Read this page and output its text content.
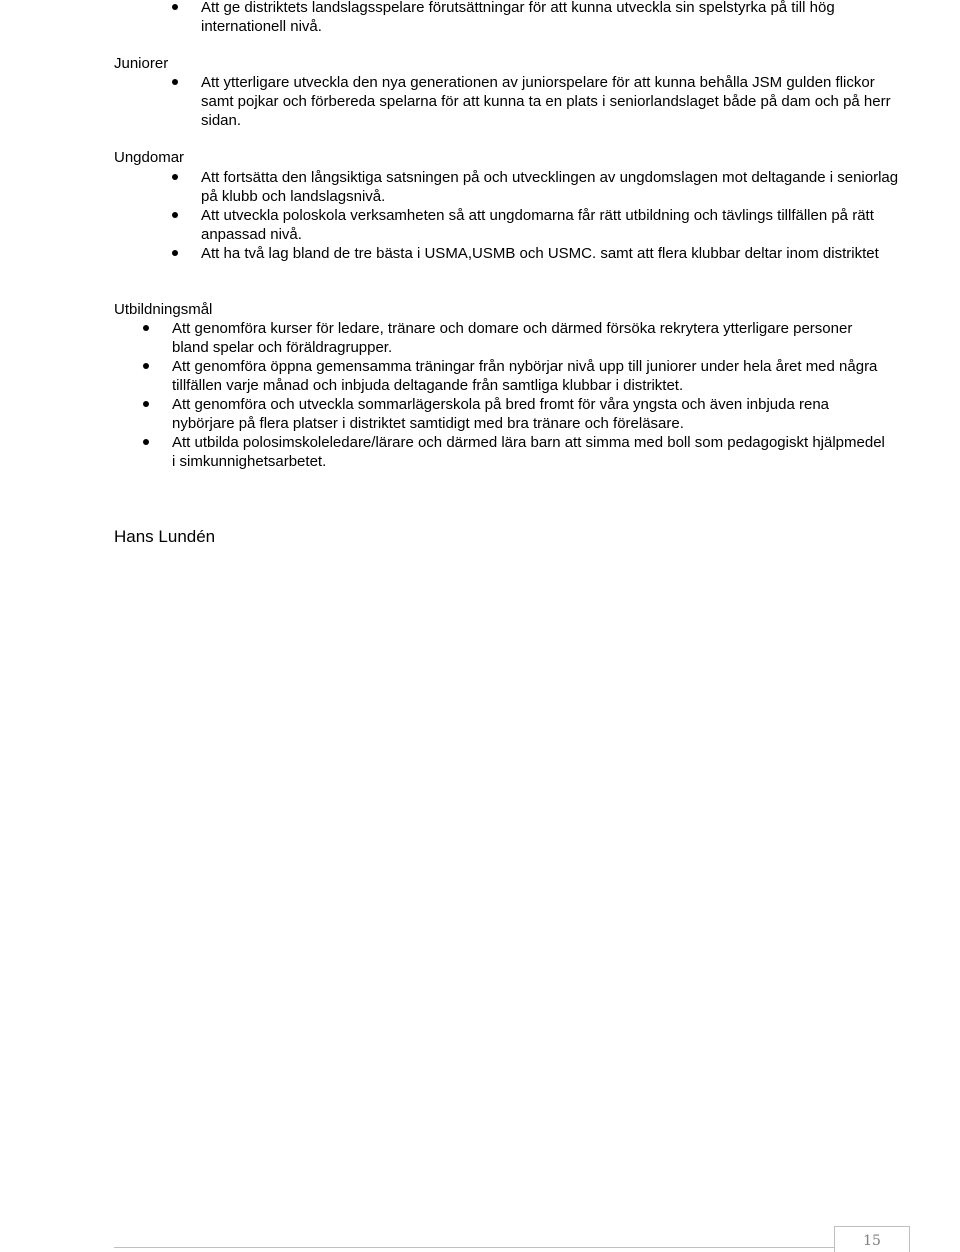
Att ge distriktets landslagsspelare förutsättningar för att kunna utveckla sin spelstyrka på till hög internationell nivå.
Juniorer
Att ytterligare utveckla den nya generationen av juniorspelare för att kunna behålla JSM gulden flickor samt pojkar och förbereda spelarna för att kunna ta en plats i seniorlandslaget både på dam och på herr sidan.
Ungdomar
Att fortsätta den långsiktiga satsningen på och utvecklingen av ungdomslagen mot deltagande i seniorlag på klubb och landslagsnivå.
Att utveckla poloskola verksamheten så att ungdomarna får rätt utbildning och tävlings tillfällen på rätt anpassad nivå.
Att ha två lag bland de tre bästa i USMA,USMB och USMC. samt att flera klubbar deltar inom distriktet
Utbildningsmål
Att genomföra kurser för ledare, tränare och domare och därmed försöka rekrytera ytterligare personer bland spelar och föräldragrupper.
Att genomföra öppna gemensamma träningar från nybörjar nivå upp till juniorer under hela året med några tillfällen varje månad och inbjuda deltagande från samtliga klubbar i distriktet.
Att genomföra och utveckla sommarlägerskola på bred fromt för våra yngsta och även inbjuda rena nybörjare på flera platser i distriktet samtidigt med bra tränare och föreläsare.
Att utbilda polosimskoleledare/lärare och därmed lära barn att simma med boll som pedagogiskt hjälpmedel i simkunnighetsarbetet.
Hans Lundén
15
